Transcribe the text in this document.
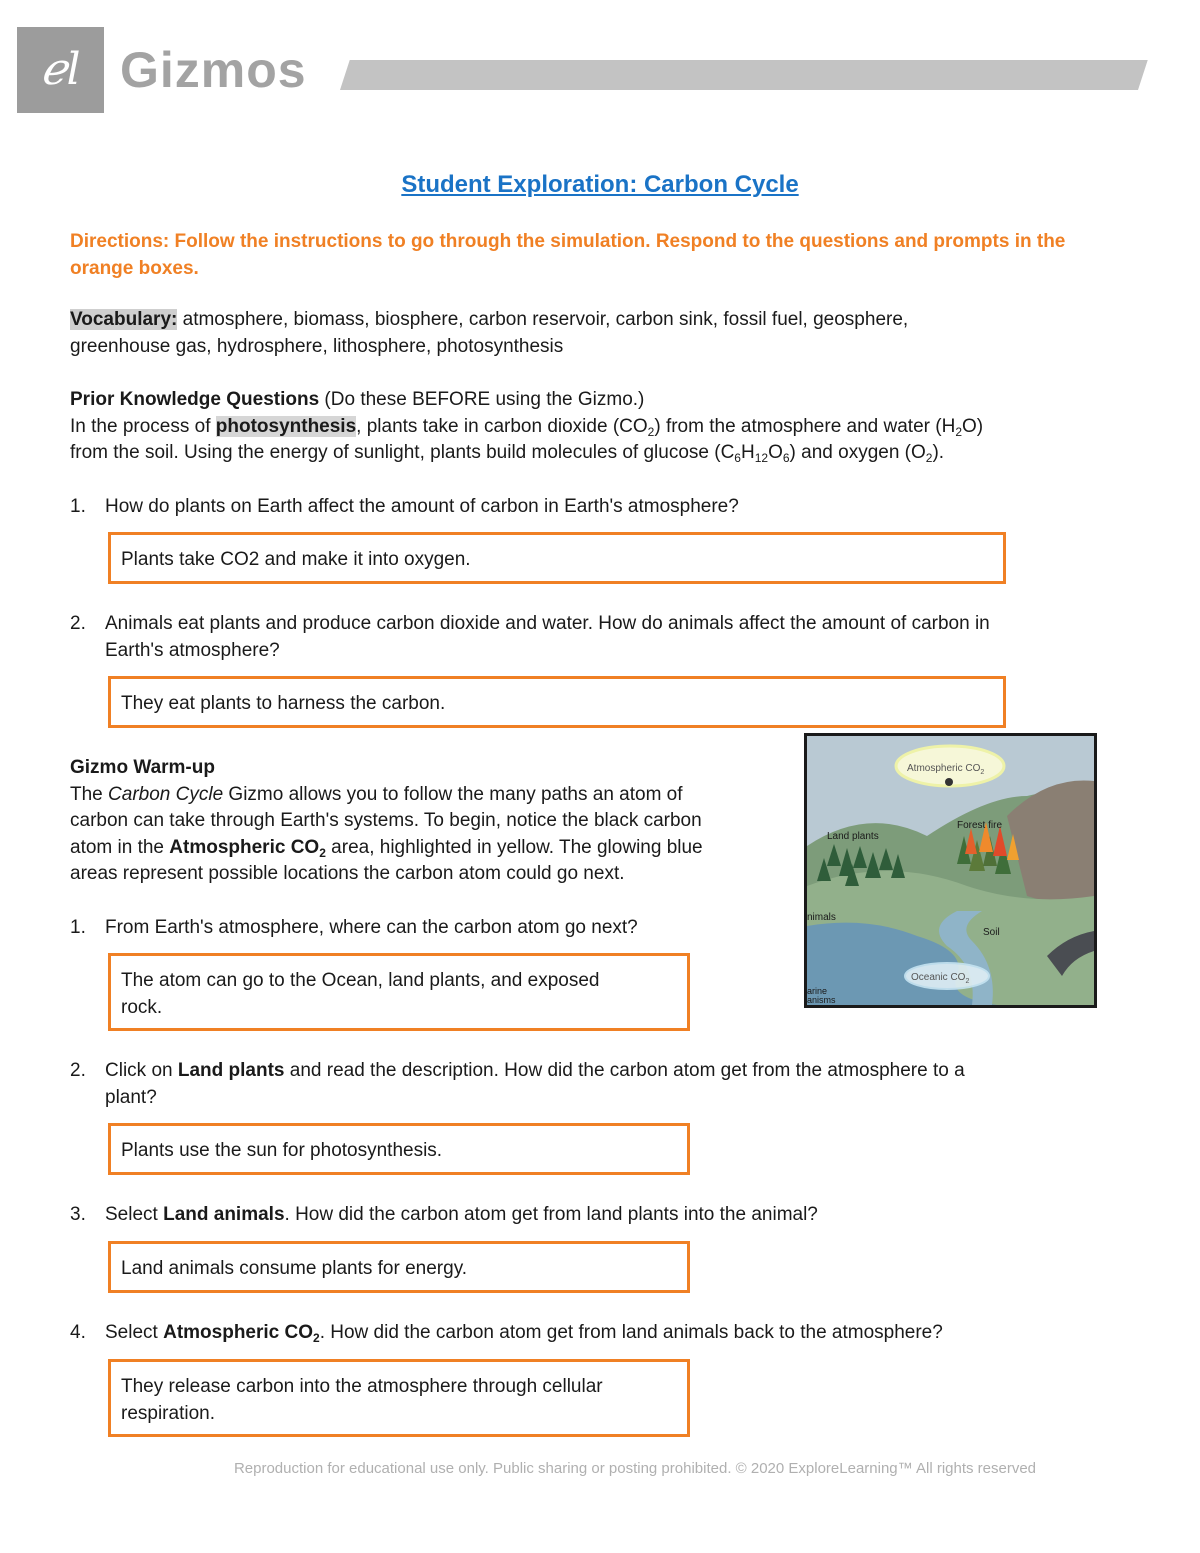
ℯl Gizmos
Student Exploration: Carbon Cycle
Directions: Follow the instructions to go through the simulation. Respond to the questions and prompts in the orange boxes.
Vocabulary: atmosphere, biomass, biosphere, carbon reservoir, carbon sink, fossil fuel, geosphere,
greenhouse gas, hydrosphere, lithosphere, photosynthesis
Prior Knowledge Questions (Do these BEFORE using the Gizmo.)
In the process of photosynthesis, plants take in carbon dioxide $(CO_2)$ from the atmosphere and water $(H_2O)$
from the soil. Using the energy of sunlight, plants build molecules of glucose $(C_6H_{12}O_6)$ and oxygen $(O_2)$.
1. How do plants on Earth affect the amount of carbon in Earth's atmosphere?
Plants take CO2 and make it into oxygen.
2. Animals eat plants and produce carbon dioxide and water. How do animals affect the amount of carbon in
Earth's atmosphere?
They eat plants to harness the carbon.
Gizmo Warm-up
The Carbon Cycle Gizmo allows you to follow the many paths an atom of
carbon can take through Earth's systems. To begin, notice the black carbon
atom in the Atmospheric $CO_2$ area, highlighted in yellow. The glowing blue
areas represent possible locations the carbon atom could go next.
Atmospheric $CO_2$
Land plants
Forest fire
nimals
Soil
Oceanic $CO_2$
arine
anisms
1. From Earth's atmosphere, where can the carbon atom go next?
The atom can go to the Ocean, land plants, and exposed
rock.
2. Click on Land plants and read the description. How did the carbon atom get from the atmosphere to a
plant?
Plants use the sun for photosynthesis.
3. Select Land animals. How did the carbon atom get from land plants into the animal?
Land animals consume plants for energy.
4. Select Atmospheric $CO_2$. How did the carbon atom get from land animals back to the atmosphere?
They release carbon into the atmosphere through cellular
respiration.
Reproduction for educational use only. Public sharing or posting prohibited. © 2020 ExploreLearning™ All rights reserved
